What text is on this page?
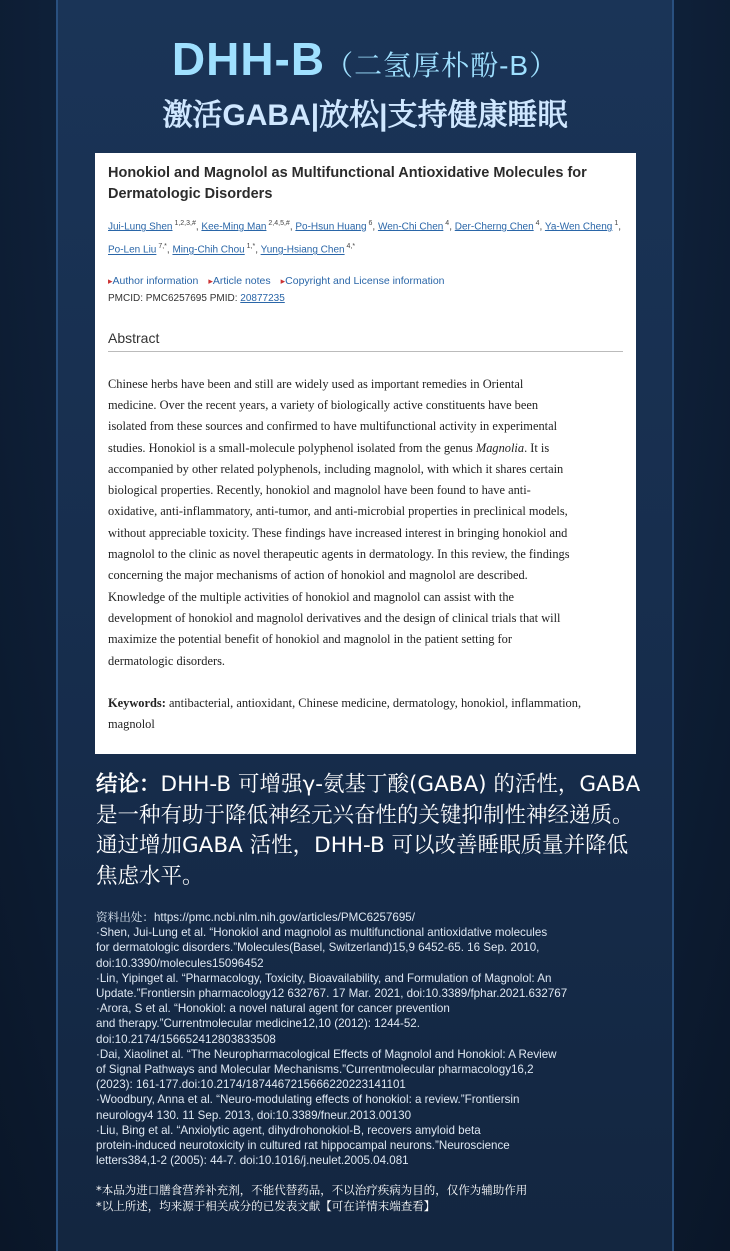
DHH-B（二氢厚朴酚-B）
激活GABA|放松|支持健康睡眠

Honokiol and Magnolol as Multifunctional Antioxidative Molecules for Dermatologic Disorders

Jui-Lung Shen $^{1,2,3,\#}$, Kee-Ming Man $^{2,4,5,\#}$, Po-Hsun Huang $^6$, Wen-Chi Chen $^4$, Der-Cherng Chen $^4$, Ya-Wen Cheng $^1$, Po-Len Liu $^{7,*}$, Ming-Chih Chou $^{1,*}$, Yung-Hsiang Chen $^{4,*}$
▸ Author information	▸ Article notes	▸ Copyright and License information
PMCID: PMC6257695 PMID: 20877235
Abstract
Chinese herbs have been and still are widely used as important remedies in Oriental
medicine. Over the recent years, a variety of biologically active constituents have been
isolated from these sources and confirmed to have multifunctional activity in experimental
studies. Honokiol is a small-molecule polyphenol isolated from the genus Magnolia. It is
accompanied by other related polyphenols, including magnolol, with which it shares certain
biological properties. Recently, honokiol and magnolol have been found to have anti-
oxidative, anti-inflammatory, anti-tumor, and anti-microbial properties in preclinical models,
without appreciable toxicity. These findings have increased interest in bringing honokiol and
magnolol to the clinic as novel therapeutic agents in dermatology. In this review, the findings
concerning the major mechanisms of action of honokiol and magnolol are described.
Knowledge of the multiple activities of honokiol and magnolol can assist with the
development of honokiol and magnolol derivatives and the design of clinical trials that will
maximize the potential benefit of honokiol and magnolol in the patient setting for
dermatologic disorders.
Keywords: antibacterial, antioxidant, Chinese medicine, dermatology, honokiol, inflammation, magnolol
结论：DHH-B 可增强γ-氨基丁酸(GABA) 的活性，GABA 是一种有助于降低神经元兴奋性的关键抑制性神经递质。通过增加GABA 活性，DHH-B 可以改善睡眠质量并降低焦虑水平。
资料出处：https://pmc.ncbi.nlm.nih.gov/articles/PMC6257695/
·Shen, Jui-Lung et al. “Honokiol and magnolol as multifunctional antioxidative molecules
for dermatologic disorders.”Molecules(Basel, Switzerland)15,9 6452-65. 16 Sep. 2010,
doi:10.3390/molecules15096452
·Lin, Yipinget al. “Pharmacology, Toxicity, Bioavailability, and Formulation of Magnolol: An
Update.”Frontiersin pharmacology12 632767. 17 Mar. 2021, doi:10.3389/fphar.2021.632767
·Arora, S et al. “Honokiol: a novel natural agent for cancer prevention
and therapy.”Currentmolecular medicine12,10 (2012): 1244-52.
doi:10.2174/156652412803833508
·Dai, Xiaolinet al. “The Neuropharmacological Effects of Magnolol and Honokiol: A Review
of Signal Pathways and Molecular Mechanisms.”Currentmolecular pharmacology16,2
(2023): 161-177.doi:10.2174/1874467215666220223141101
·Woodbury, Anna et al. “Neuro-modulating effects of honokiol: a review.”Frontiersin
neurology4 130. 11 Sep. 2013, doi:10.3389/fneur.2013.00130
·Liu, Bing et al. “Anxiolytic agent, dihydrohonokiol-B, recovers amyloid beta
protein-induced neurotoxicity in cultured rat hippocampal neurons.”Neuroscience
letters384,1-2 (2005): 44-7. doi:10.1016/j.neulet.2005.04.081
*本品为进口膳食营养补充剂，不能代替药品，不以治疗疾病为目的，仅作为辅助作用
*以上所述，均来源于相关成分的已发表文献【可在详情末端查看】
